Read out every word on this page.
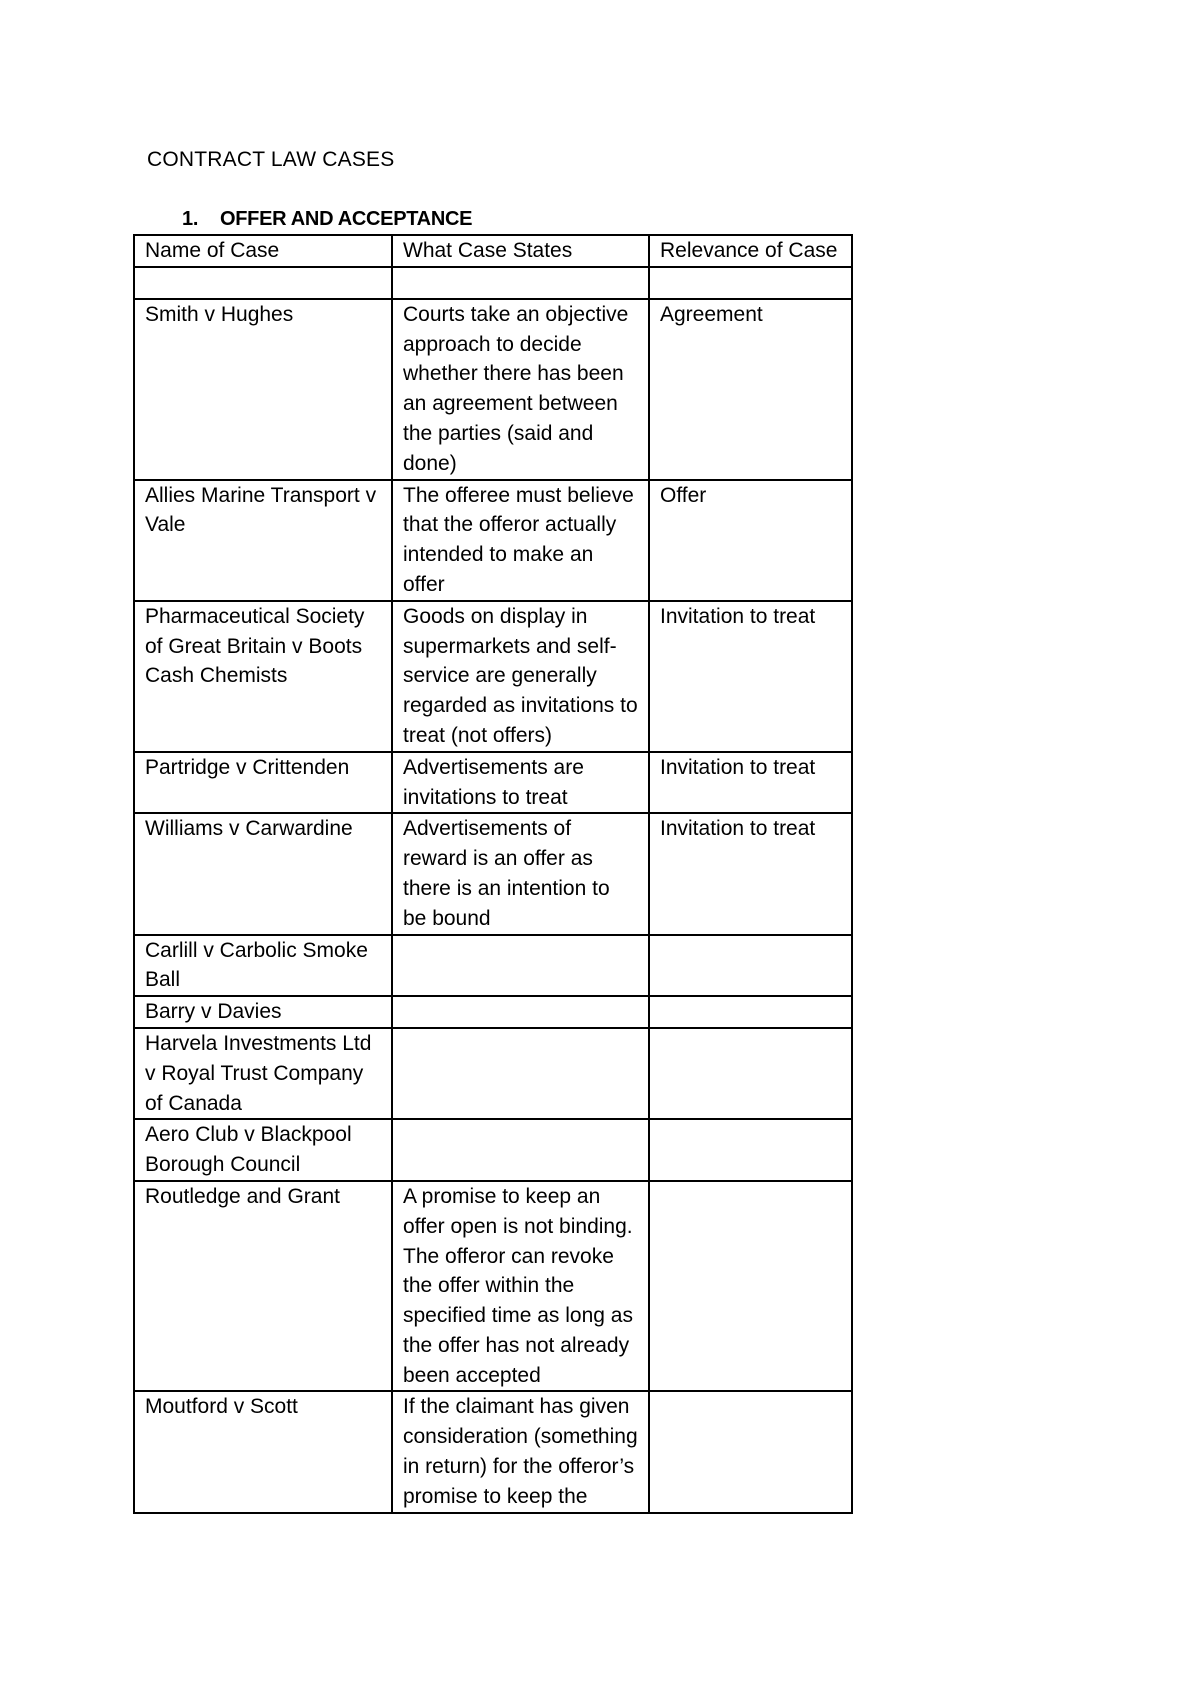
CONTRACT LAW CASES
1. OFFER AND ACCEPTANCE
Name of Case	What Case States	Relevance of Case

Smith v Hughes	Courts take an objective approach to decide whether there has been an agreement between the parties (said and done)	Agreement
Allies Marine Transport v Vale	The offeree must believe that the offeror actually intended to make an offer	Offer
Pharmaceutical Society of Great Britain v Boots Cash Chemists	Goods on display in supermarkets and self-service are generally regarded as invitations to treat (not offers)	Invitation to treat
Partridge v Crittenden	Advertisements are invitations to treat	Invitation to treat
Williams v Carwardine	Advertisements of reward is an offer as there is an intention to be bound	Invitation to treat
Carlill v Carbolic Smoke Ball		
Barry v Davies		
Harvela Investments Ltd v Royal Trust Company of Canada		
Aero Club v Blackpool Borough Council		
Routledge and Grant	A promise to keep an offer open is not binding. The offeror can revoke the offer within the specified time as long as the offer has not already been accepted	
Moutford v Scott	If the claimant has given consideration (something in return) for the offeror’s promise to keep the	
